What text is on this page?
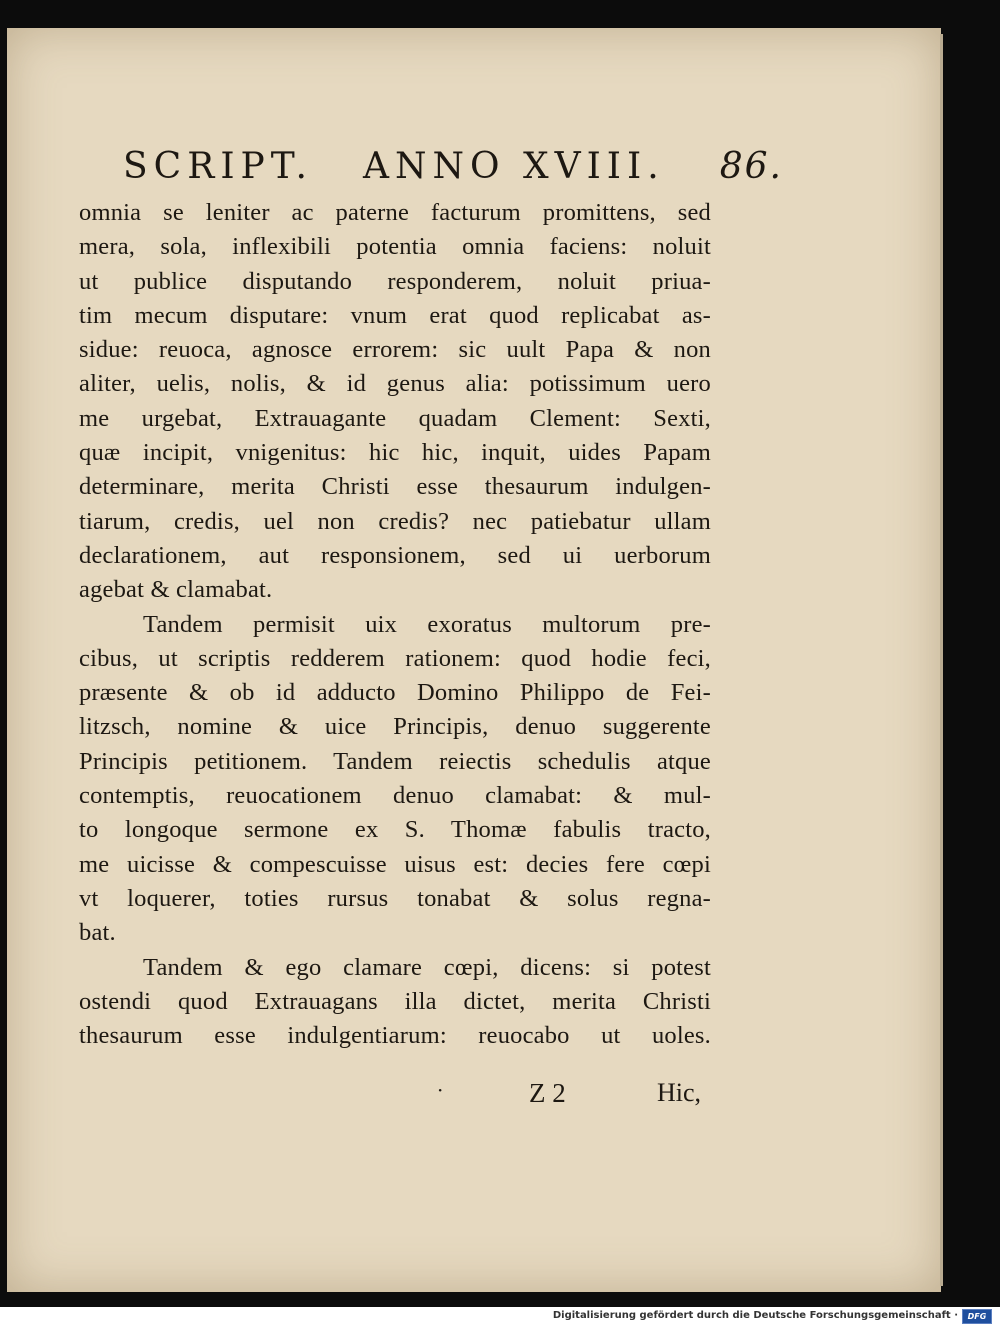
SCRIPT. ANNO XVIII. 86.
omnia se leniter ac paterne facturum promittens, sed
mera, sola, inflexibili potentia omnia faciens: noluit
ut publice disputando responderem, noluit priua-
tim mecum disputare: vnum erat quod replicabat as-
sidue: reuoca, agnosce errorem: sic uult Papa & non
aliter, uelis, nolis, & id genus alia: potissimum uero
me urgebat, Extrauagante quadam Clement: Sexti,
quæ incipit, vnigenitus: hic hic, inquit, uides Papam
determinare, merita Christi esse thesaurum indulgen-
tiarum, credis, uel non credis? nec patiebatur ullam
declarationem, aut responsionem, sed ui uerborum
agebat & clamabat.
Tandem permisit uix exoratus multorum pre-
cibus, ut scriptis redderem rationem: quod hodie feci,
præsente & ob id adducto Domino Philippo de Fei-
litzsch, nomine & uice Principis, denuo suggerente
Principis petitionem. Tandem reiectis schedulis atque
contemptis, reuocationem denuo clamabat: & mul-
to longoque sermone ex S. Thomæ fabulis tracto,
me uicisse & compescuisse uisus est: decies fere cœpi
vt loquerer, toties rursus tonabat & solus regna-
bat.
Tandem & ego clamare cœpi, dicens: si potest
ostendi quod Extrauagans illa dictet, merita Christi
thesaurum esse indulgentiarum: reuocabo ut uoles.
·	Z 2	Hic,
Digitalisierung gefördert durch die Deutsche Forschungsgemeinschaft ·	DFG
